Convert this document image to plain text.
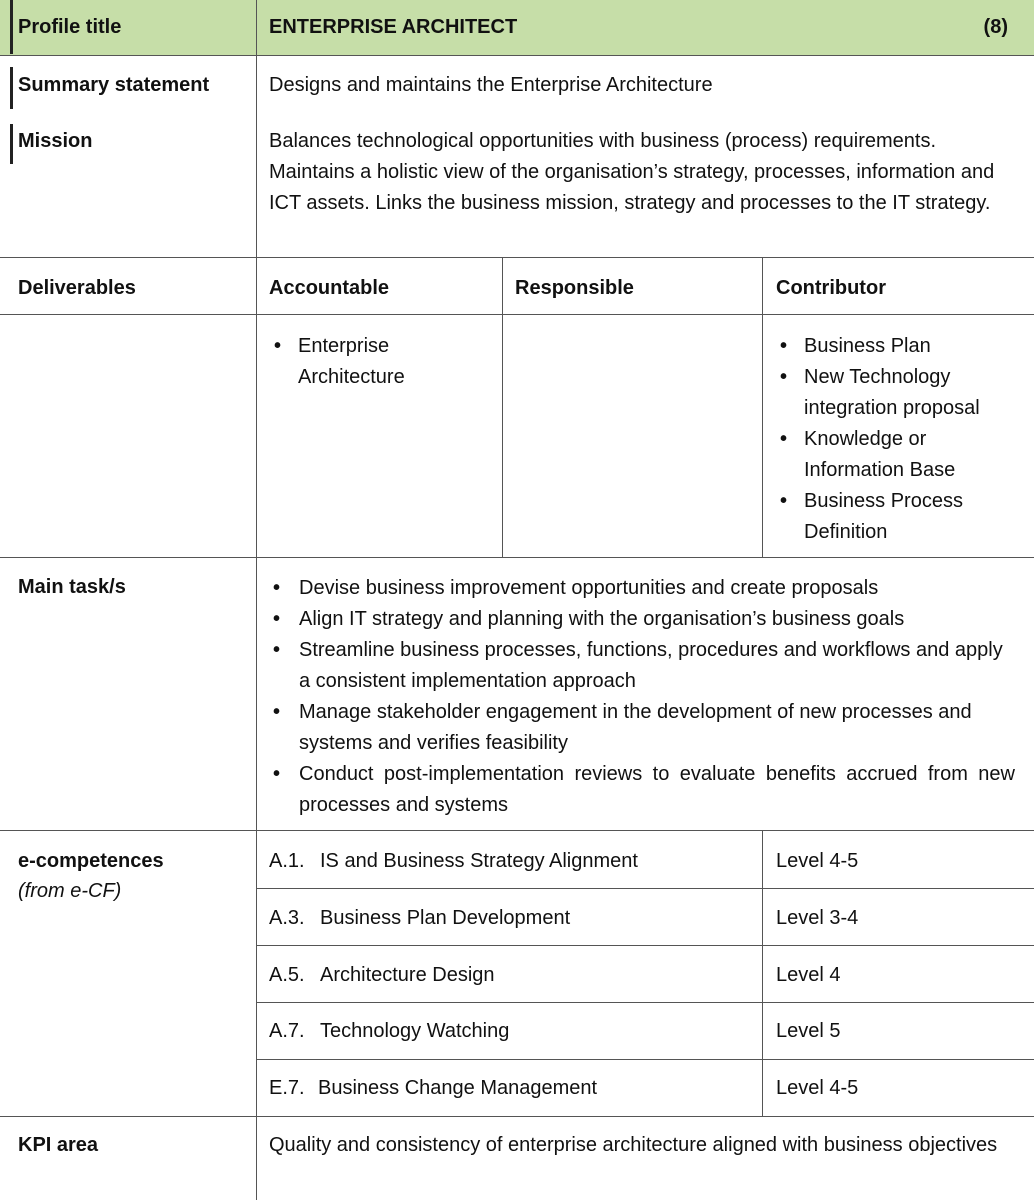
Profile title	ENTERPRISE ARCHITECT	(8)
Summary statement	Designs and maintains the Enterprise Architecture
Mission	Balances technological opportunities with business (process) requirements. Maintains a holistic view of the organisation’s strategy, processes, information and ICT assets. Links the business mission, strategy and processes to the IT strategy.
Deliverables	Accountable	Responsible	Contributor
• Enterprise Architecture
• Business Plan
• New Technology integration proposal
• Knowledge or Information Base
• Business Process Definition
Main task/s
•	Devise business improvement opportunities and create proposals
• Align IT strategy and planning with the organisation’s business goals
• Streamline business processes, functions, procedures and workflows and apply a consistent implementation approach
• Manage stakeholder engagement in the development of new processes and systems and verifies feasibility
• Conduct post-implementation reviews to evaluate benefits accrued from new processes and systems
e-competences
(from e-CF)
A.1. IS and Business Strategy Alignment	Level 4-5
A.3. Business Plan Development	Level 3-4
A.5. Architecture Design	Level 4
A.7. Technology Watching	Level 5
E.7. Business Change Management	Level 4-5
KPI area	Quality and consistency of enterprise architecture aligned with business objectives
